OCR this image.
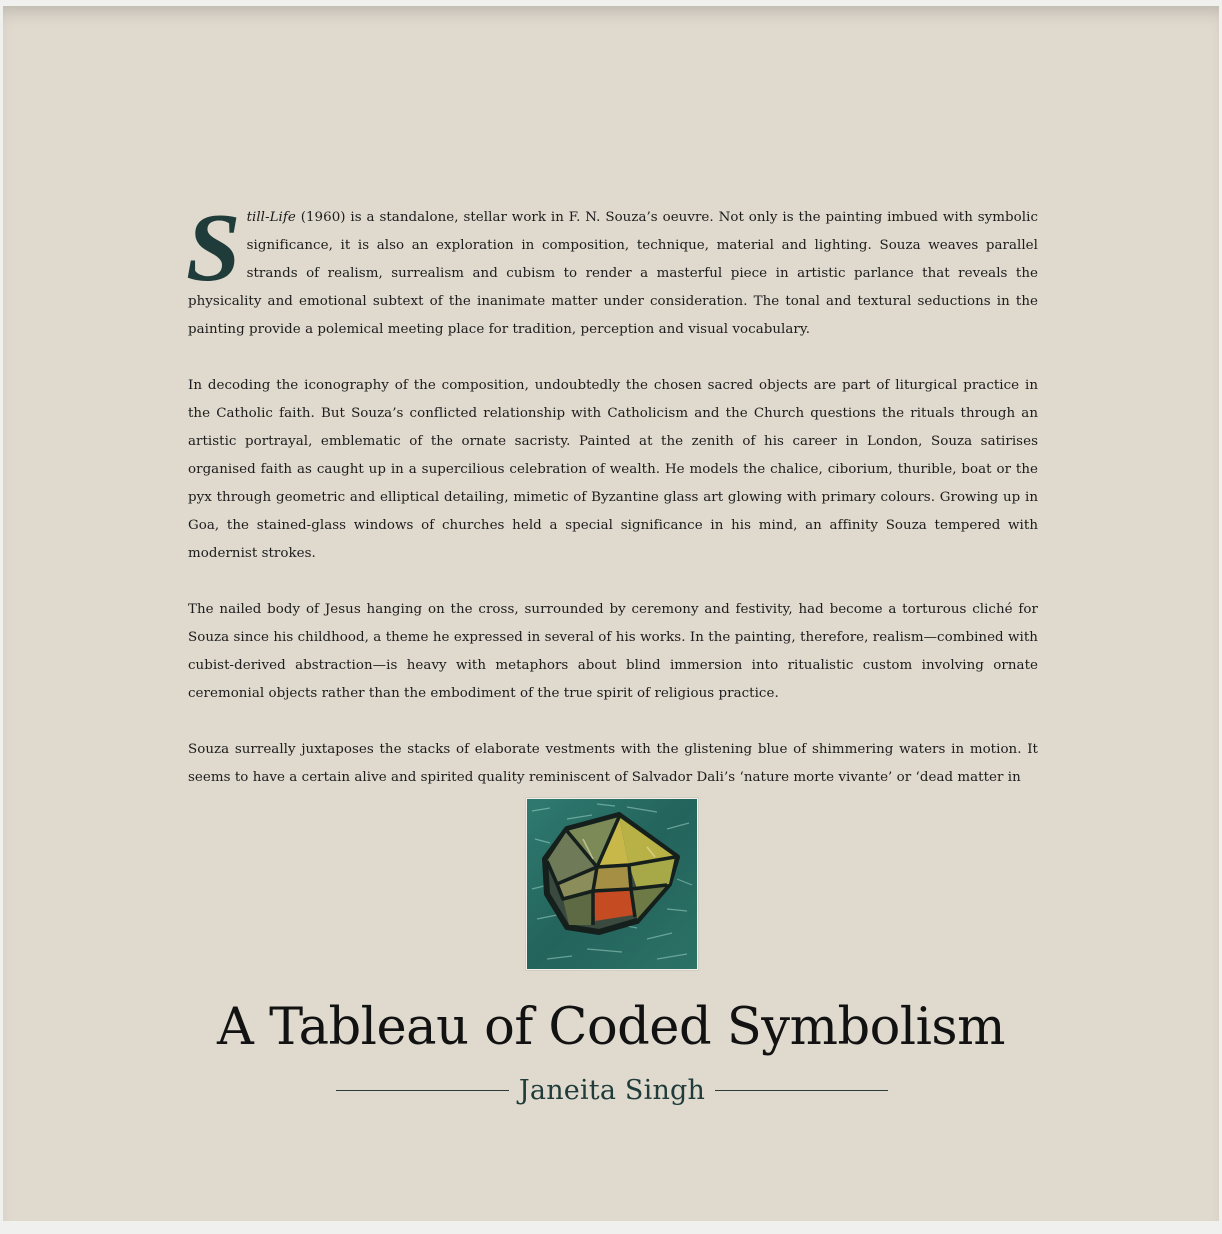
Still-Life (1960) is a standalone, stellar work in F. N. Souza’s oeuvre. Not only is the painting imbued with symbolic significance, it is also an exploration in composition, technique, material and lighting. Souza weaves parallel strands of realism, surrealism and cubism to render a masterful piece in artistic parlance that reveals the physicality and emotional subtext of the inanimate matter under consideration. The tonal and textural seductions in the painting provide a polemical meeting place for tradition, perception and visual vocabulary.

In decoding the iconography of the composition, undoubtedly the chosen sacred objects are part of liturgical practice in the Catholic faith. But Souza’s conflicted relationship with Catholicism and the Church questions the rituals through an artistic portrayal, emblematic of the ornate sacristy. Painted at the zenith of his career in London, Souza satirises organised faith as caught up in a supercilious celebration of wealth. He models the chalice, ciborium, thurible, boat or the pyx through geometric and elliptical detailing, mimetic of Byzantine glass art glowing with primary colours. Growing up in Goa, the stained-glass windows of churches held a special significance in his mind, an affinity Souza tempered with modernist strokes.

The nailed body of Jesus hanging on the cross, surrounded by ceremony and festivity, had become a torturous cliché for Souza since his childhood, a theme he expressed in several of his works. In the painting, therefore, realism—combined with cubist-derived abstraction—is heavy with metaphors about blind immersion into ritualistic custom involving ornate ceremonial objects rather than the embodiment of the true spirit of religious practice.

Souza surreally juxtaposes the stacks of elaborate vestments with the glistening blue of shimmering waters in motion. It seems to have a certain alive and spirited quality reminiscent of Salvador Dali’s ‘nature morte vivante’ or ‘dead matter in

A Tableau of Coded Symbolism
Janeita Singh
